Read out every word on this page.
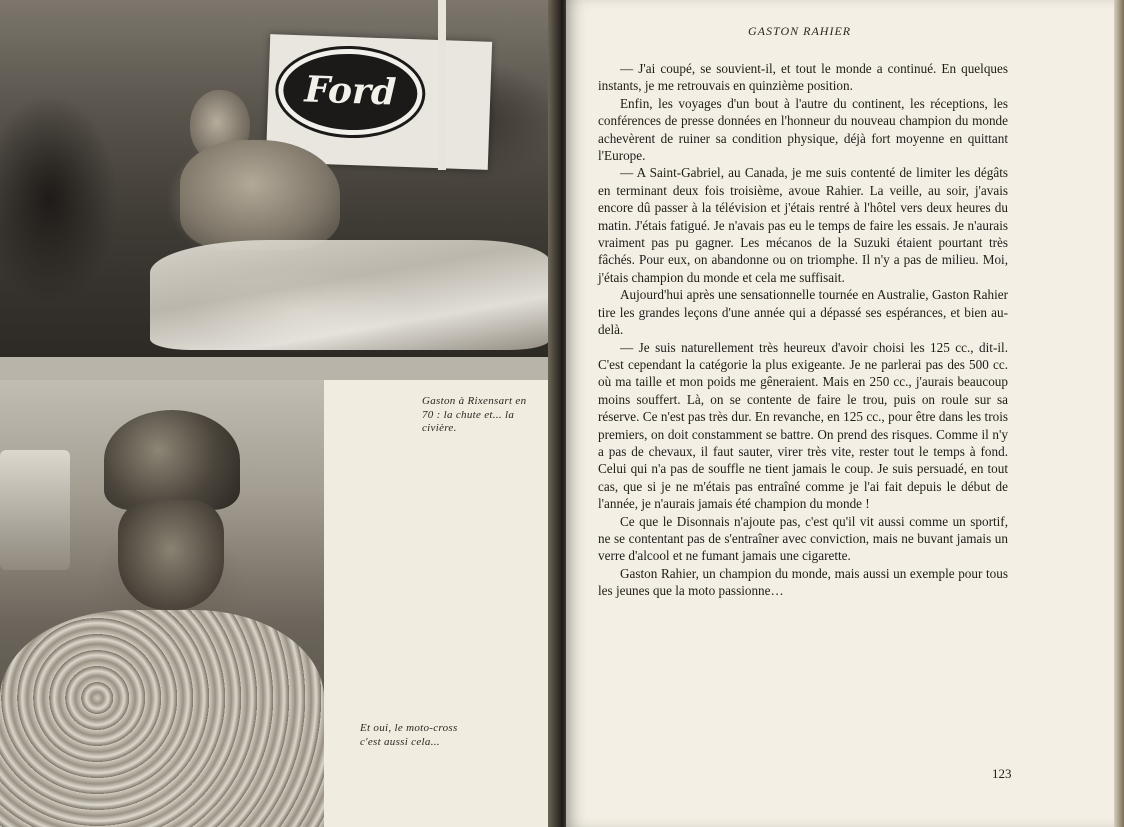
Ford
Gaston à Rixensart en 70 : la chute et... la civière.
Et oui, le moto-cross c'est aussi cela...
GASTON RAHIER

— J'ai coupé, se souvient-il, et tout le monde a continué. En quelques instants, je me retrouvais en quinzième position.

Enfin, les voyages d'un bout à l'autre du continent, les réceptions, les conférences de presse données en l'honneur du nouveau champion du monde achevèrent de ruiner sa condition physique, déjà fort moyenne en quittant l'Europe.

— A Saint-Gabriel, au Canada, je me suis contenté de limiter les dégâts en terminant deux fois troisième, avoue Rahier. La veille, au soir, j'avais encore dû passer à la télévision et j'étais rentré à l'hôtel vers deux heures du matin. J'étais fatigué. Je n'avais pas eu le temps de faire les essais. Je n'aurais vraiment pas pu gagner. Les mécanos de la Suzuki étaient pourtant très fâchés. Pour eux, on abandonne ou on triomphe. Il n'y a pas de milieu. Moi, j'étais champion du monde et cela me suffisait.

Aujourd'hui après une sensationnelle tournée en Australie, Gaston Rahier tire les grandes leçons d'une année qui a dépassé ses espérances, et bien au-delà.

— Je suis naturellement très heureux d'avoir choisi les 125 cc., dit-il. C'est cependant la catégorie la plus exigeante. Je ne parlerai pas des 500 cc. où ma taille et mon poids me gêneraient. Mais en 250 cc., j'aurais beaucoup moins souffert. Là, on se contente de faire le trou, puis on roule sur sa réserve. Ce n'est pas très dur. En revanche, en 125 cc., pour être dans les trois premiers, on doit constamment se battre. On prend des risques. Comme il n'y a pas de chevaux, il faut sauter, virer très vite, rester tout le temps à fond. Celui qui n'a pas de souffle ne tient jamais le coup. Je suis persuadé, en tout cas, que si je ne m'étais pas entraîné comme je l'ai fait depuis le début de l'année, je n'aurais jamais été champion du monde !

Ce que le Disonnais n'ajoute pas, c'est qu'il vit aussi comme un sportif, ne se contentant pas de s'entraîner avec conviction, mais ne buvant jamais un verre d'alcool et ne fumant jamais une cigarette.

Gaston Rahier, un champion du monde, mais aussi un exemple pour tous les jeunes que la moto passionne…

123
